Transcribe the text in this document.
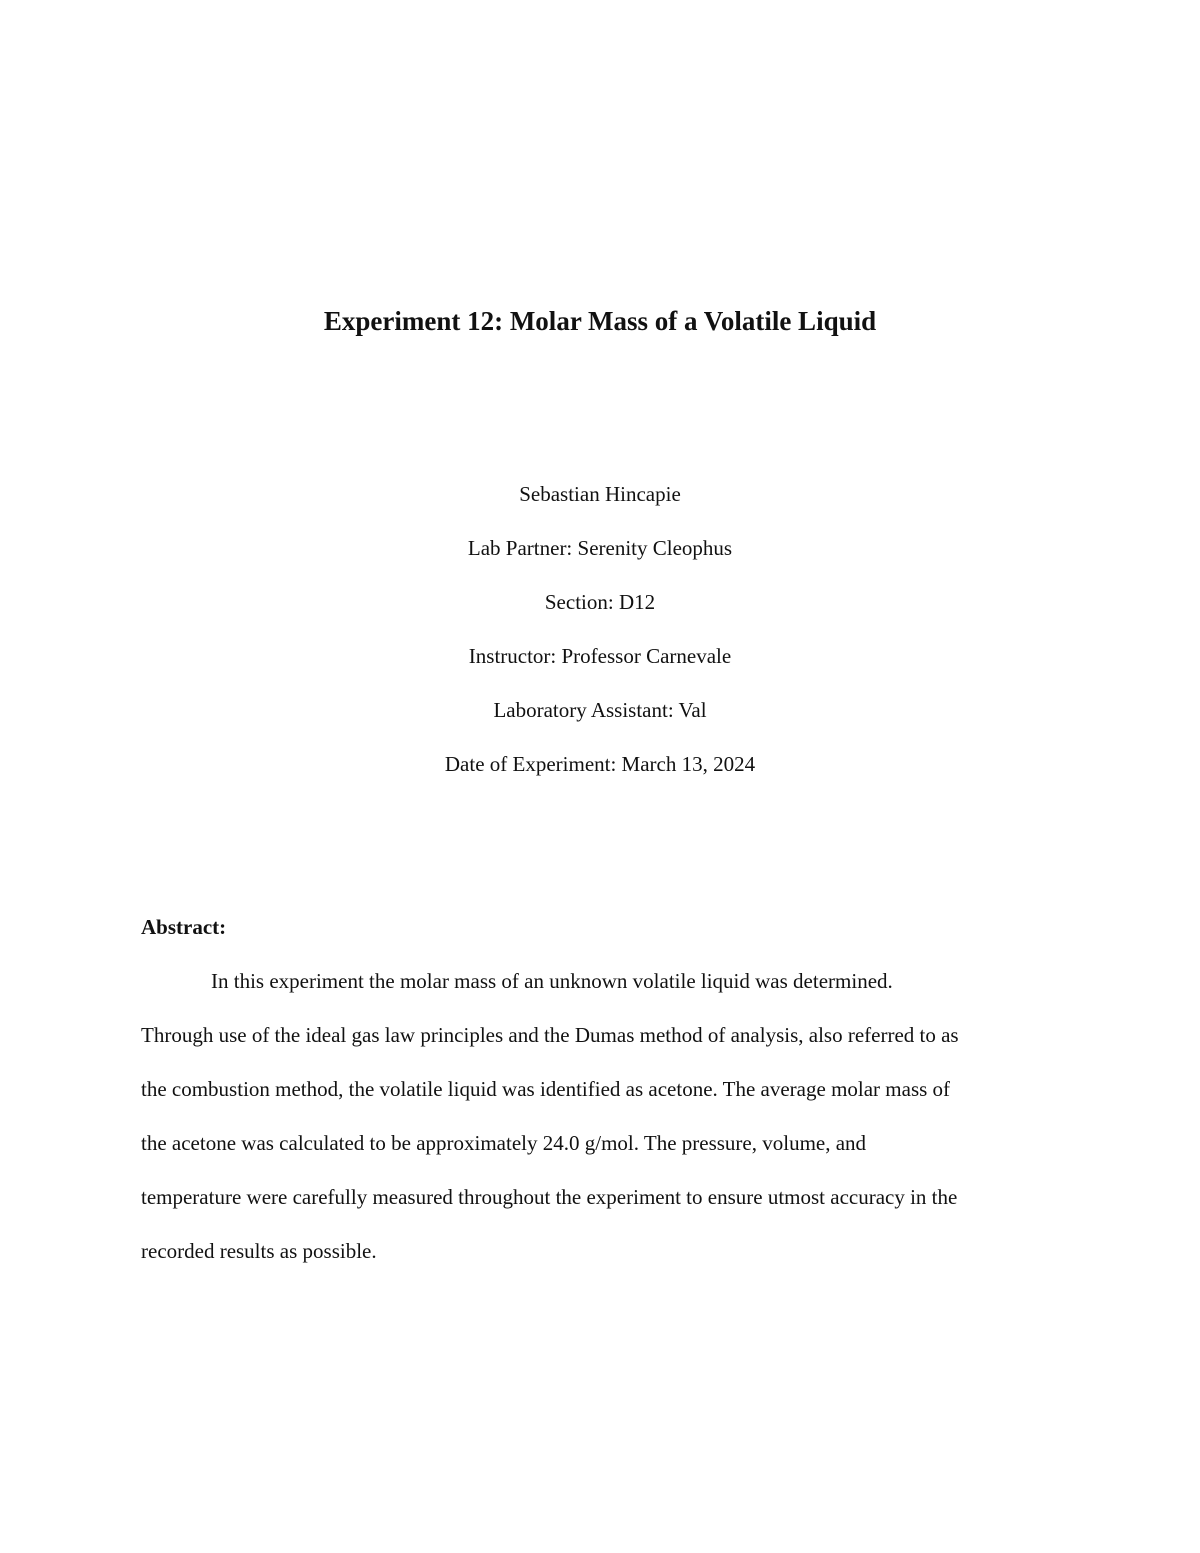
Experiment 12: Molar Mass of a Volatile Liquid

Sebastian Hincapie

Lab Partner: Serenity Cleophus

Section: D12

Instructor: Professor Carnevale

Laboratory Assistant: Val

Date of Experiment: March 13, 2024

Abstract:

In this experiment the molar mass of an unknown volatile liquid was determined.

Through use of the ideal gas law principles and the Dumas method of analysis, also referred to as

the combustion method, the volatile liquid was identified as acetone. The average molar mass of

the acetone was calculated to be approximately 24.0 g/mol. The pressure, volume, and

temperature were carefully measured throughout the experiment to ensure utmost accuracy in the

recorded results as possible.
